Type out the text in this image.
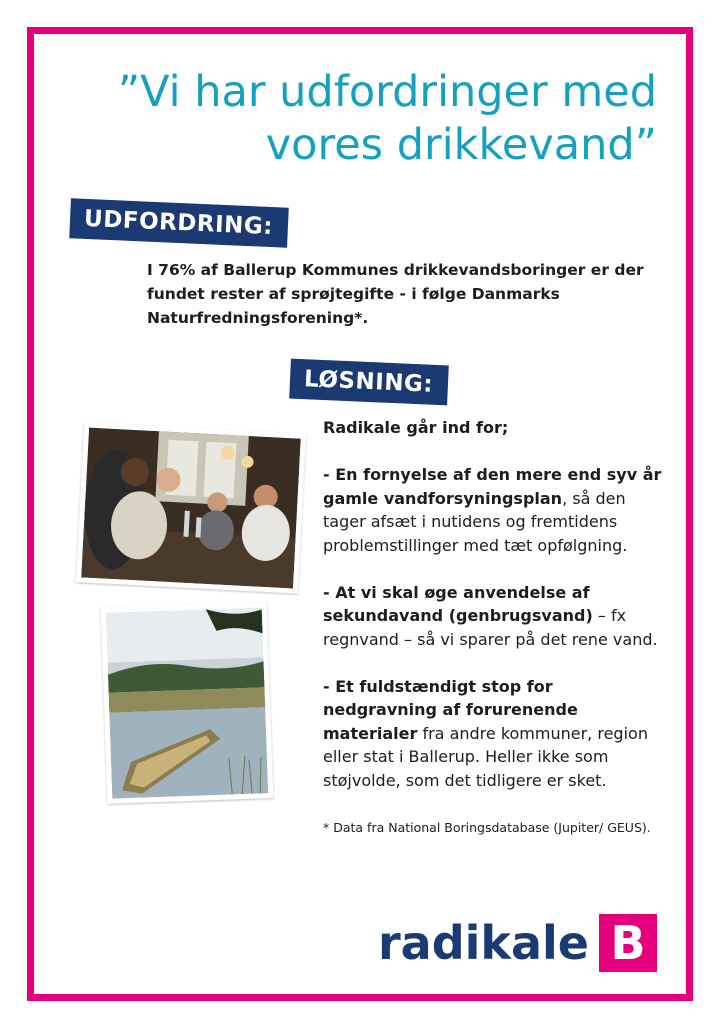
”Vi har udfordringer med vores drikkevand”
UDFORDRING:

I 76% af Ballerup Kommunes drikkevandsboringer er der fundet rester af sprøjtegifte - i følge Danmarks Naturfredningsforening*.

LØSNING:

Radikale går ind for;

- En fornyelse af den mere end syv år gamle vandforsyningsplan, så den tager afsæt i nutidens og fremtidens problemstillinger med tæt opfølgning.

- At vi skal øge anvendelse af sekundavand (genbrugsvand) – fx regnvand – så vi sparer på det rene vand.

- Et fuldstændigt stop for nedgravning af forurenende materialer fra andre kommuner, region eller stat i Ballerup. Heller ikke som støjvolde, som det tidligere er sket.

* Data fra National Boringsdatabase (Jupiter/ GEUS).

radikale B
